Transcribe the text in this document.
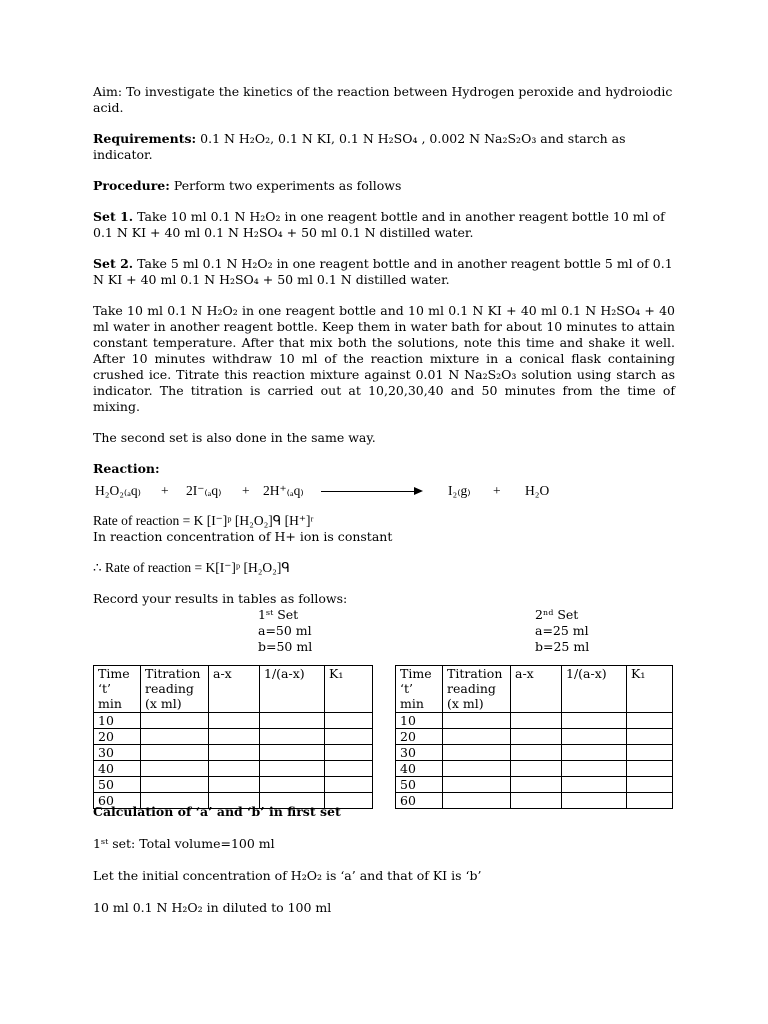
Aim: To investigate the kinetics of the reaction between Hydrogen peroxide and hydroiodic acid.

Requirements: 0.1 N H₂O₂, 0.1 N KI, 0.1 N H₂SO₄ , 0.002 N Na₂S₂O₃ and starch as indicator.

Procedure: Perform two experiments as follows

Set 1. Take 10 ml 0.1 N H₂O₂ in one reagent bottle and in another reagent bottle 10 ml of 0.1 N KI + 40 ml 0.1 N H₂SO₄ + 50 ml 0.1 N distilled water.

Set 2. Take 5 ml 0.1 N H₂O₂ in one reagent bottle and in another reagent bottle 5 ml of 0.1 N KI + 40 ml 0.1 N H₂SO₄ + 50 ml 0.1 N distilled water.

Take 10 ml 0.1 N H₂O₂ in one reagent bottle and 10 ml 0.1 N KI + 40 ml 0.1 N H₂SO₄ + 40 ml water in another reagent bottle. Keep them in water bath for about 10 minutes to attain constant temperature. After that mix both the solutions, note this time and shake it well. After 10 minutes withdraw 10 ml of the reaction mixture in a conical flask containing crushed ice. Titrate this reaction mixture against 0.01 N Na₂S₂O₃ solution using starch as indicator. The titration is carried out at 10,20,30,40 and 50 minutes from the time of mixing.

The second set is also done in the same way.

Reaction:

H₂O₂₍ₐq₎ + 2I⁻₍ₐq₎ + 2H⁺₍ₐq₎	I₂₍g₎ + H₂O

Rate of reaction = K [I⁻]ᵖ [H₂O₂]ᑫ [H⁺]ʳ

In reaction concentration of H+ ion is constant

∴ Rate of reaction = K[I⁻]ᵖ [H₂O₂]ᑫ

Record your results in tables as follows:

1ˢᵗ Set
a=50 ml
b=50 ml
2ⁿᵈ Set
a=25 ml
b=25 ml
Time ‘t’ min	Titration reading (x ml)	a-x	1/(a-x)	K₁
10				
20				
30				
40				
50				
60				
Time ‘t’ min	Titration reading (x ml)	a-x	1/(a-x)	K₁
10				
20				
30				
40				
50				
60				

Calculation of ‘a’ and ‘b’ in first set

1ˢᵗ set: Total volume=100 ml

Let the initial concentration of H₂O₂ is ‘a’ and that of KI is ‘b’

10 ml 0.1 N H₂O₂ in diluted to 100 ml
